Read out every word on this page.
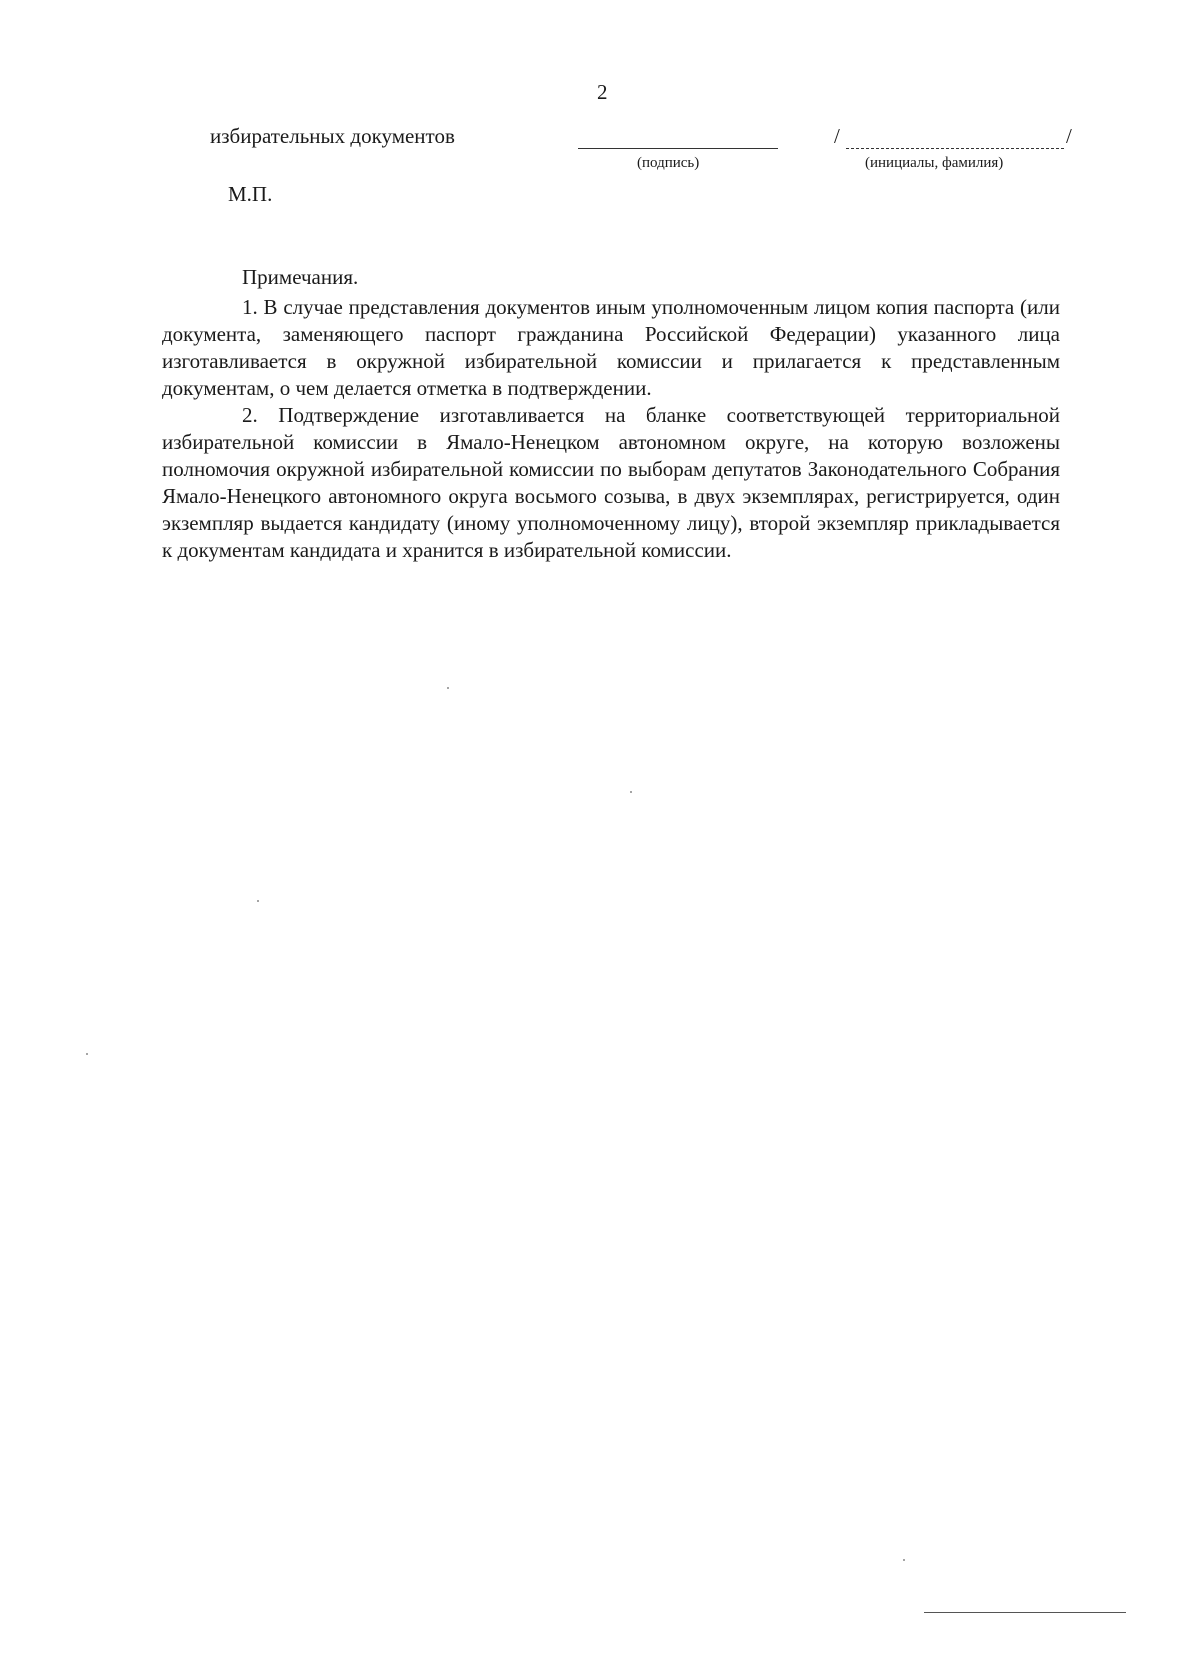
2
избирательных документов
(подпись)
/	/
(инициалы, фамилия)
М.П.

Примечания.

1. В случае представления документов иным уполномоченным лицом копия паспорта (или документа, заменяющего паспорт гражданина Российской Федерации) указанного лица изготавливается в окружной избирательной комиссии и прилагается к представленным документам, о чем делается отметка в подтверждении.

2. Подтверждение изготавливается на бланке соответствующей территориальной избирательной комиссии в Ямало-Ненецком автономном округе, на которую возложены полномочия окружной избирательной комиссии по выборам депутатов Законодательного Собрания Ямало-Ненецкого автономного округа восьмого созыва, в двух экземплярах, регистрируется, один экземпляр выдается кандидату (иному уполномоченному лицу), второй экземпляр прикладывается к документам кандидата и хранится в избирательной комиссии.
